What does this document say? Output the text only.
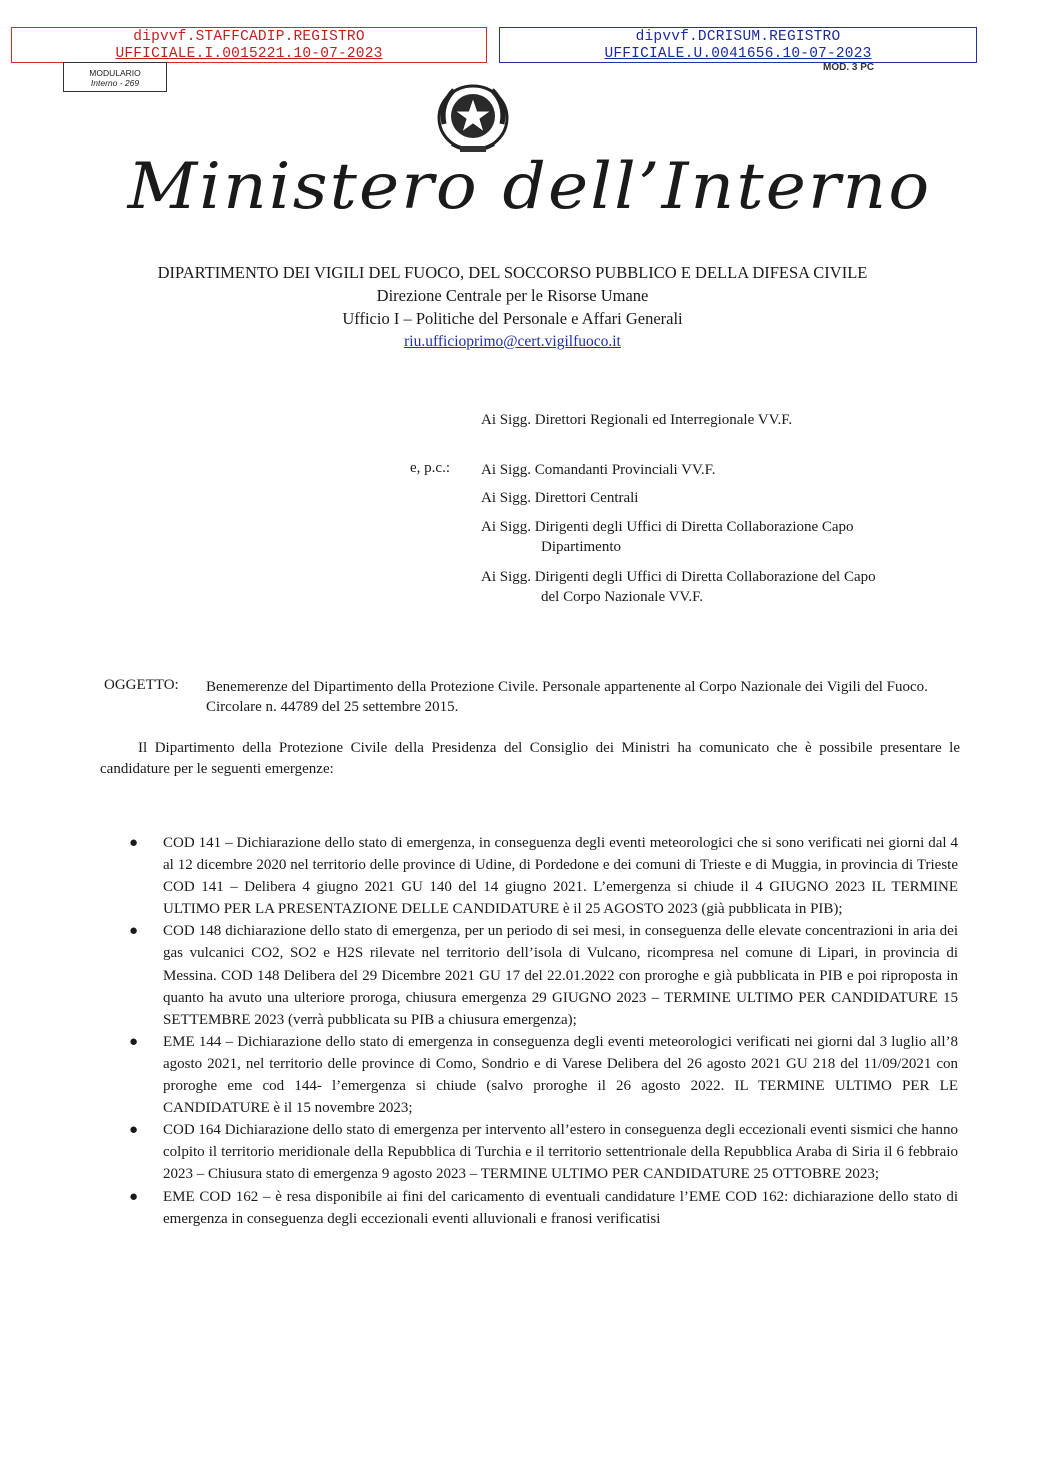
dipvvf.STAFFCADIP.REGISTRO
UFFICIALE.I.0015221.10-07-2023
dipvvf.DCRISUM.REGISTRO
UFFICIALE.U.0041656.10-07-2023
MODULARIO
Interno - 269
MOD. 3 PC
Ministero dell’Interno
DIPARTIMENTO DEI VIGILI DEL FUOCO, DEL SOCCORSO PUBBLICO E DELLA DIFESA CIVILE
Direzione Centrale per le Risorse Umane
Ufficio I – Politiche del Personale e Affari Generali
riu.ufficioprimo@cert.vigilfuoco.it
Ai Sigg. Direttori Regionali ed Interregionale VV.F.
e, p.c.: Ai Sigg. Comandanti Provinciali VV.F.
Ai Sigg. Direttori Centrali
Ai Sigg. Dirigenti degli Uffici di Diretta Collaborazione Capo
Dipartimento
Ai Sigg. Dirigenti degli Uffici di Diretta Collaborazione del Capo
del Corpo Nazionale VV.F.
OGGETTO: Benemerenze del Dipartimento della Protezione Civile. Personale appartenente al Corpo Nazionale dei Vigili del Fuoco. Circolare n. 44789 del 25 settembre 2015.
Il Dipartimento della Protezione Civile della Presidenza del Consiglio dei Ministri ha comunicato che è possibile presentare le candidature per le seguenti emergenze:
● COD 141 – Dichiarazione dello stato di emergenza, in conseguenza degli eventi meteorologici che si sono verificati nei giorni dal 4 al 12 dicembre 2020 nel territorio delle province di Udine, di Pordedone e dei comuni di Trieste e di Muggia, in provincia di Trieste COD 141 – Delibera 4 giugno 2021 GU 140 del 14 giugno 2021. L’emergenza si chiude il 4 GIUGNO 2023 IL TERMINE ULTIMO PER LA PRESENTAZIONE DELLE CANDIDATURE è il 25 AGOSTO 2023 (già pubblicata in PIB);
● COD 148 dichiarazione dello stato di emergenza, per un periodo di sei mesi, in conseguenza delle elevate concentrazioni in aria dei gas vulcanici CO2, SO2 e H2S rilevate nel territorio dell’isola di Vulcano, ricompresa nel comune di Lipari, in provincia di Messina. COD 148 Delibera del 29 Dicembre 2021 GU 17 del 22.01.2022 con proroghe e già pubblicata in PIB e poi riproposta in quanto ha avuto una ulteriore proroga, chiusura emergenza 29 GIUGNO 2023 – TERMINE ULTIMO PER CANDIDATURE 15 SETTEMBRE 2023 (verrà pubblicata su PIB a chiusura emergenza);
● EME 144 – Dichiarazione dello stato di emergenza in conseguenza degli eventi meteorologici verificati nei giorni dal 3 luglio all’8 agosto 2021, nel territorio delle province di Como, Sondrio e di Varese Delibera del 26 agosto 2021 GU 218 del 11/09/2021 con proroghe eme cod 144- l’emergenza si chiude (salvo proroghe il 26 agosto 2022. IL TERMINE ULTIMO PER LE CANDIDATURE è il 15 novembre 2023;
● COD 164 Dichiarazione dello stato di emergenza per intervento all’estero in conseguenza degli eccezionali eventi sismici che hanno colpito il territorio meridionale della Repubblica di Turchia e il territorio settentrionale della Repubblica Araba di Siria il 6 febbraio 2023 – Chiusura stato di emergenza 9 agosto 2023 – TERMINE ULTIMO PER CANDIDATURE 25 OTTOBRE 2023;
● EME COD 162 – è resa disponibile ai fini del caricamento di eventuali candidature l’EME COD 162: dichiarazione dello stato di emergenza in conseguenza degli eccezionali eventi alluvionali e franosi verificatisi
